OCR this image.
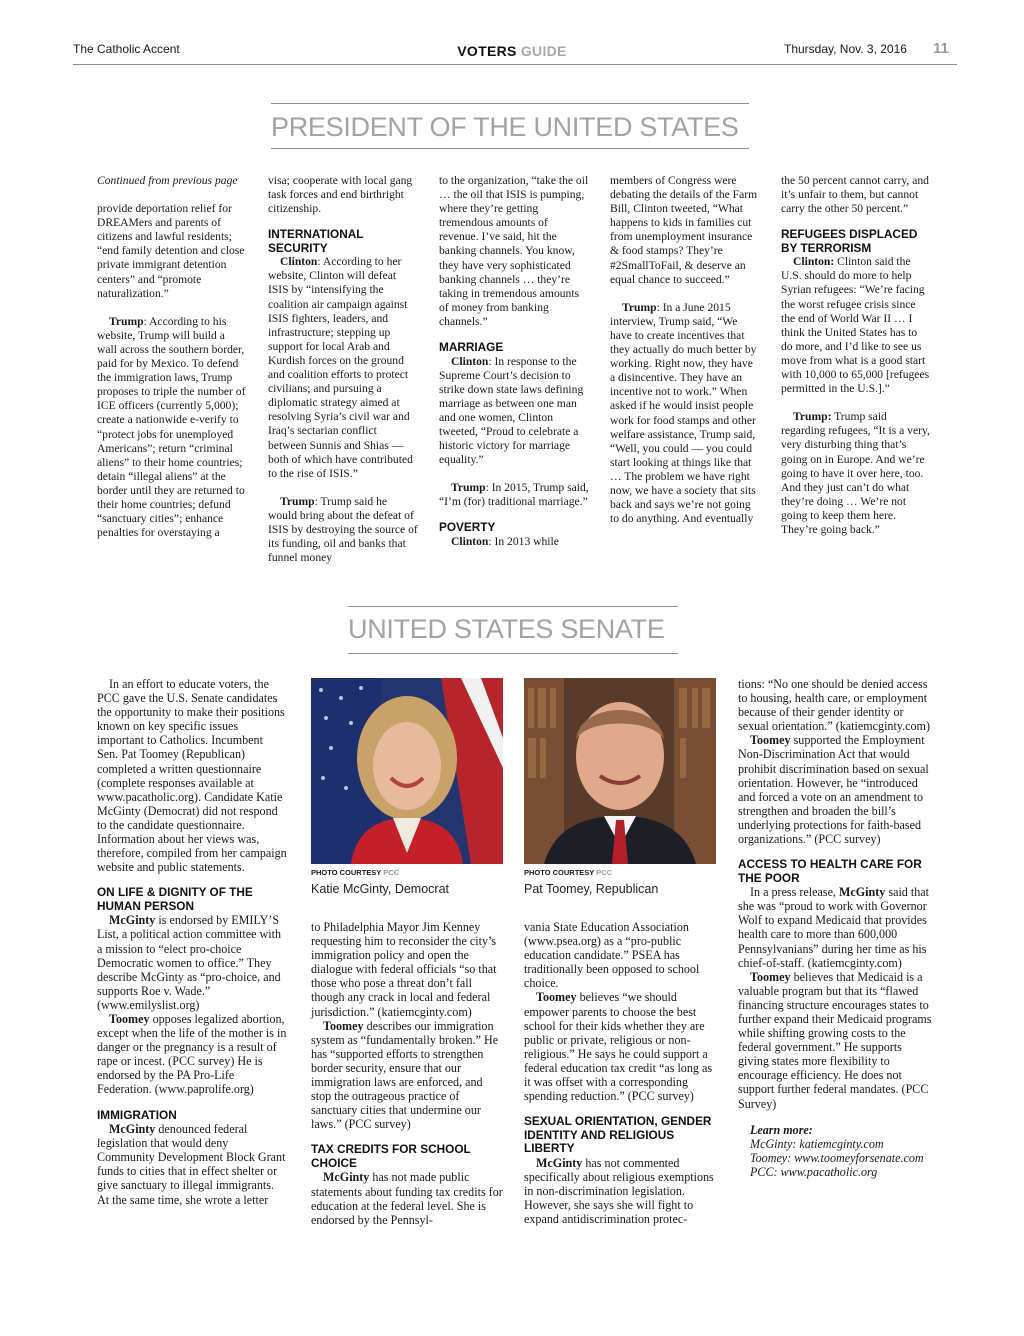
The Catholic Accent	VOTERS GUIDE	Thursday, Nov. 3, 2016 11
PRESIDENT OF THE UNITED STATES

Continued from previous page

provide deportation relief for DREAMers and parents of citizens and lawful residents; “end family detention and close private immigrant detention centers” and “promote naturalization.”

Trump: According to his website, Trump will build a wall across the southern border, paid for by Mexico. To defend the immigration laws, Trump proposes to triple the number of ICE officers (currently 5,000); create a nationwide e-verify to “protect jobs for unemployed Americans”; return “criminal aliens” to their home countries; detain “illegal aliens” at the border until they are returned to their home countries; defund “sanctuary cities”; enhance penalties for overstaying a

visa; cooperate with local gang task forces and end birthright citizenship.

INTERNATIONAL SECURITY

Clinton: According to her website, Clinton will defeat ISIS by “intensifying the coalition air campaign against ISIS fighters, leaders, and infrastructure; stepping up support for local Arab and Kurdish forces on the ground and coalition efforts to protect civilians; and pursuing a diplomatic strategy aimed at resolving Syria’s civil war and Iraq’s sectarian conflict between Sunnis and Shias — both of which have contributed to the rise of ISIS.”

Trump: Trump said he would bring about the defeat of ISIS by destroying the source of its funding, oil and banks that funnel money

to the organization, “take the oil … the oil that ISIS is pumping, where they’re getting tremendous amounts of revenue. I’ve said, hit the banking channels. You know, they have very sophisticated banking channels … they’re taking in tremendous amounts of money from banking channels.”

MARRIAGE

Clinton: In response to the Supreme Court’s decision to strike down state laws defining marriage as between one man and one women, Clinton tweeted, “Proud to celebrate a historic victory for marriage equality.”

Trump: In 2015, Trump said, “I’m (for) traditional marriage.”

POVERTY

Clinton: In 2013 while

members of Congress were debating the details of the Farm Bill, Clinton tweeted, “What happens to kids in families cut from unemployment insurance & food stamps? They’re #2SmallToFail, & deserve an equal chance to succeed.”

Trump: In a June 2015 interview, Trump said, “We have to create incentives that they actually do much better by working. Right now, they have a disincentive. They have an incentive not to work.” When asked if he would insist people work for food stamps and other welfare assistance, Trump said, “Well, you could — you could start looking at things like that … The problem we have right now, we have a society that sits back and says we’re not going to do anything. And eventually

the 50 percent cannot carry, and it’s unfair to them, but cannot carry the other 50 percent.”

REFUGEES DISPLACED BY TERRORISM

Clinton: Clinton said the U.S. should do more to help Syrian refugees: “We’re facing the worst refugee crisis since the end of World War II … I think the United States has to do more, and I’d like to see us move from what is a good start with 10,000 to 65,000 [refugees permitted in the U.S.].”

Trump: Trump said regarding refugees, “It is a very, very disturbing thing that’s going on in Europe. And we’re going to have it over here, too. And they just can’t do what they’re doing … We’re not going to keep them here. They’re going back.”

UNITED STATES SENATE

In an effort to educate voters, the PCC gave the U.S. Senate candidates the opportunity to make their positions known on key specific issues important to Catholics. Incumbent Sen. Pat Toomey (Republican) completed a written questionnaire (complete responses available at www.pacatholic.org). Candidate Katie McGinty (Democrat) did not respond to the candidate questionnaire. Information about her views was, therefore, compiled from her campaign website and public statements.

ON LIFE & DIGNITY OF THE HUMAN PERSON

McGinty is endorsed by EMILY’S List, a political action committee with a mission to “elect pro-choice Democratic women to office.” They describe McGinty as “pro-choice, and supports Roe v. Wade.” (www.emilyslist.org)

Toomey opposes legalized abortion, except when the life of the mother is in danger or the pregnancy is a result of rape or incest. (PCC survey) He is endorsed by the PA Pro-Life Federation. (www.paprolife.org)

IMMIGRATION

McGinty denounced federal legislation that would deny Community Development Block Grant funds to cities that in effect shelter or give sanctuary to illegal immigrants. At the same time, she wrote a letter

PHOTO COURTESY PCC
Katie McGinty, Democrat
PHOTO COURTESY PCC
Pat Toomey, Republican

to Philadelphia Mayor Jim Kenney requesting him to reconsider the city’s immigration policy and open the dialogue with federal officials “so that those who pose a threat don’t fall though any crack in local and federal jurisdiction.” (katiemcginty.com)

Toomey describes our immigration system as “fundamentally broken.” He has “supported efforts to strengthen border security, ensure that our immigration laws are enforced, and stop the outrageous practice of sanctuary cities that undermine our laws.” (PCC survey)

TAX CREDITS FOR SCHOOL CHOICE

McGinty has not made public statements about funding tax credits for education at the federal level. She is endorsed by the Pennsyl-

vania State Education Association (www.psea.org) as a “pro-public education candidate.” PSEA has traditionally been opposed to school choice.

Toomey believes “we should empower parents to choose the best school for their kids whether they are public or private, religious or non-religious.” He says he could support a federal education tax credit “as long as it was offset with a corresponding spending reduction.” (PCC survey)

SEXUAL ORIENTATION, GENDER IDENTITY AND RELIGIOUS LIBERTY

McGinty has not commented specifically about religious exemptions in non-discrimination legislation. However, she says she will fight to expand antidiscrimination protec-

tions: “No one should be denied access to housing, health care, or employment because of their gender identity or sexual orientation.” (katiemcginty.com)

Toomey supported the Employment Non-Discrimination Act that would prohibit discrimination based on sexual orientation. However, he “introduced and forced a vote on an amendment to strengthen and broaden the bill’s underlying protections for faith-based organizations.” (PCC survey)

ACCESS TO HEALTH CARE FOR THE POOR

In a press release, McGinty said that she was “proud to work with Governor Wolf to expand Medicaid that provides health care to more than 600,000 Pennsylvanians” during her time as his chief-of-staff. (katiemcginty.com)

Toomey believes that Medicaid is a valuable program but that its “flawed financing structure encourages states to further expand their Medicaid programs while shifting growing costs to the federal government.” He supports giving states more flexibility to encourage efficiency. He does not support further federal mandates. (PCC Survey)

Learn more:

McGinty: katiemcginty.com

Toomey: www.toomeyforsenate.com

PCC: www.pacatholic.org
